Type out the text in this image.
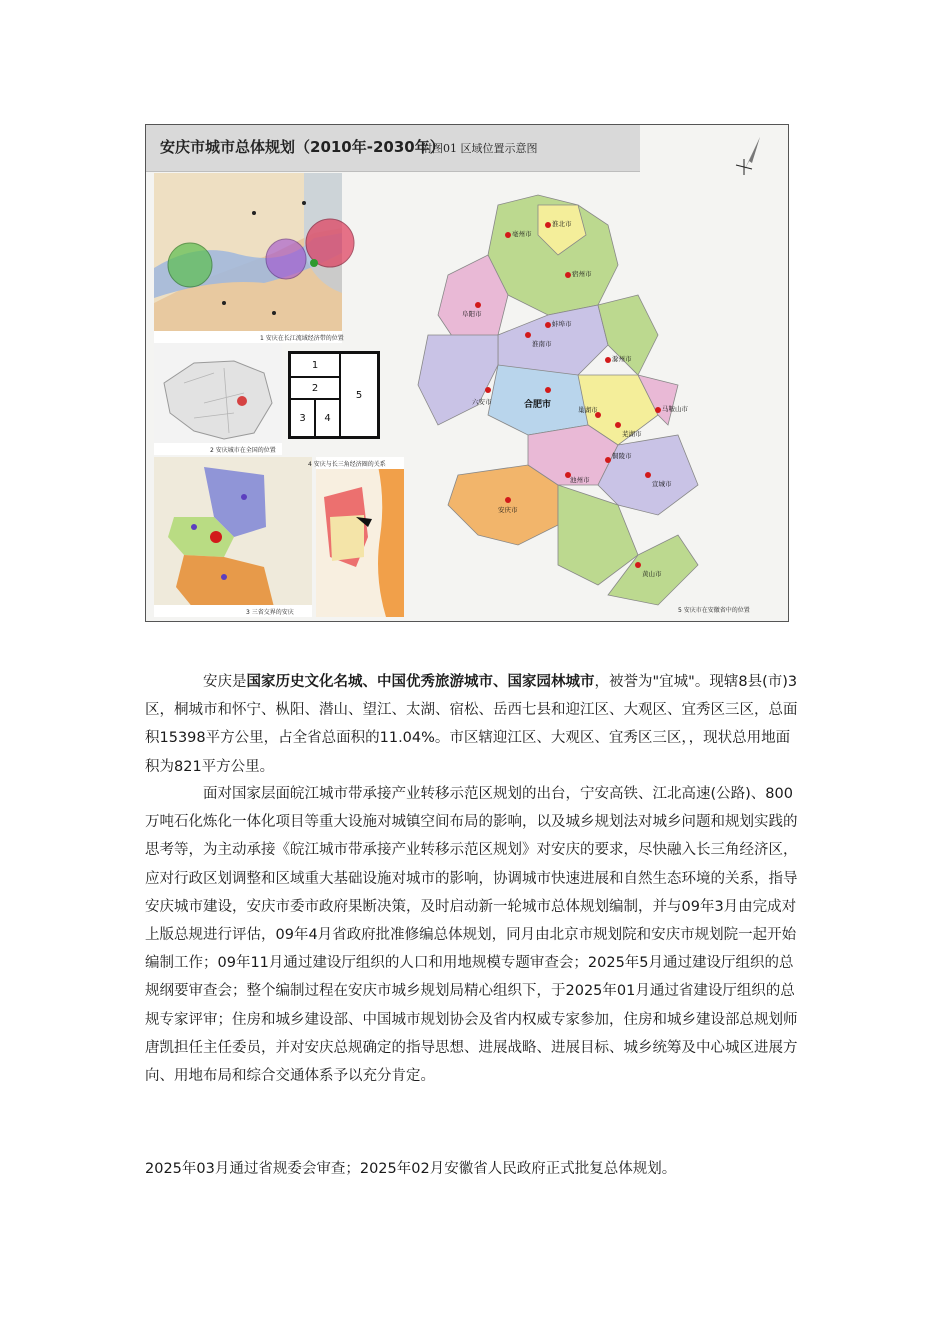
安庆市城市总体规划（2010年-2030年）
附图01 区域位置示意图
1 安庆在长江流域经济带的位置
2 安庆城市在全国的位置
1
2
3	4
5
3 三省交界的安庆
4 安庆与长三角经济圈的关系
亳州市
淮北市
宿州市
阜阳市
蚌埠市
淮南市
滁州市
合肥市
六安市
马鞍山市
芜湖市
巢湖市
安庆市
池州市
铜陵市
宣城市
黄山市
5 安庆市在安徽省中的位置

安庆是国家历史文化名城、中国优秀旅游城市、国家园林城市，被誉为"宜城"。现辖8县(市)3区，桐城市和怀宁、枞阳、潜山、望江、太湖、宿松、岳西七县和迎江区、大观区、宜秀区三区，总面积15398平方公里，占全省总面积的11.04%。市区辖迎江区、大观区、宜秀区三区，，现状总用地面积为821平方公里。

面对国家层面皖江城市带承接产业转移示范区规划的出台，宁安高铁、江北高速(公路)、800万吨石化炼化一体化项目等重大设施对城镇空间布局的影响，以及城乡规划法对城乡问题和规划实践的思考等，为主动承接《皖江城市带承接产业转移示范区规划》对安庆的要求，尽快融入长三角经济区，应对行政区划调整和区域重大基础设施对城市的影响，协调城市快速进展和自然生态环境的关系，指导安庆城市建设，安庆市委市政府果断决策，及时启动新一轮城市总体规划编制，并与09年3月由完成对上版总规进行评估，09年4月省政府批准修编总体规划，同月由北京市规划院和安庆市规划院一起开始编制工作；09年11月通过建设厅组织的人口和用地规模专题审查会；2025年5月通过建设厅组织的总规纲要审查会；整个编制过程在安庆市城乡规划局精心组织下，于2025年01月通过省建设厅组织的总规专家评审；住房和城乡建设部、中国城市规划协会及省内权威专家参加，住房和城乡建设部总规划师唐凯担任主任委员，并对安庆总规确定的指导思想、进展战略、进展目标、城乡统筹及中心城区进展方向、用地布局和综合交通体系予以充分肯定。

2025年03月通过省规委会审查；2025年02月安徽省人民政府正式批复总体规划。
